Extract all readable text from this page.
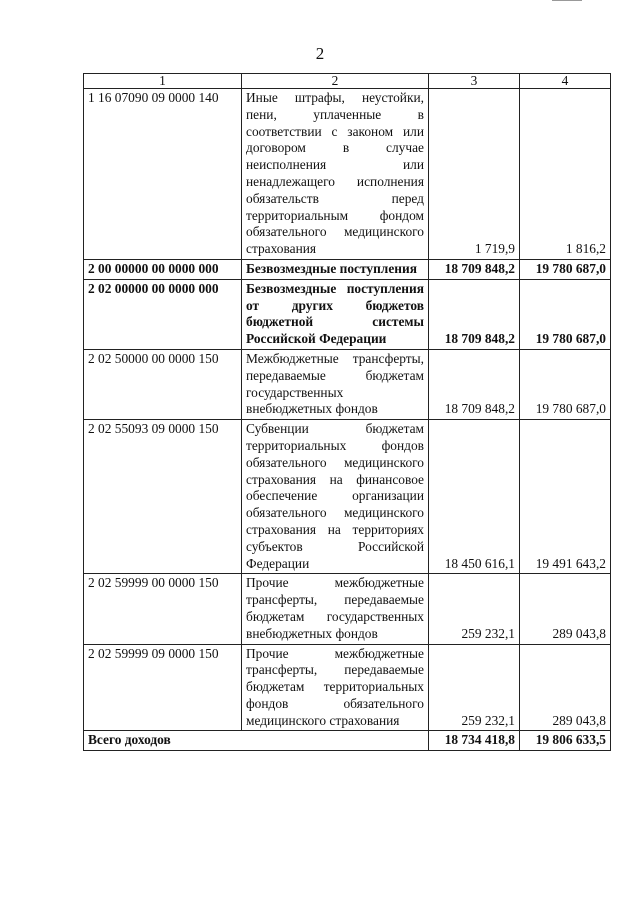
2
1	2	3	4
1 16 07090 09 0000 140	Иные штрафы, неустойки, пени, уплаченные в соответствии с законом или договором в случае неисполнения или ненадлежащего исполнения обязательств перед территориальным фондом обязательного медицинского страхования	1 719,9	1 816,2
2 00 00000 00 0000 000	Безвозмездные поступления	18 709 848,2	19 780 687,0
2 02 00000 00 0000 000	Безвозмездные поступления от других бюджетов бюджетной системы Российской Федерации	18 709 848,2	19 780 687,0
2 02 50000 00 0000 150	Межбюджетные трансферты, передаваемые бюджетам государственных внебюджетных фондов	18 709 848,2	19 780 687,0
2 02 55093 09 0000 150	Субвенции бюджетам территориальных фондов обязательного медицинского страхования на финансовое обеспечение организации обязательного медицинского страхования на территориях субъектов Российской Федерации	18 450 616,1	19 491 643,2
2 02 59999 00 0000 150	Прочие межбюджетные трансферты, передаваемые бюджетам государственных внебюджетных фондов	259 232,1	289 043,8
2 02 59999 09 0000 150	Прочие межбюджетные трансферты, передаваемые бюджетам территориальных фондов обязательного медицинского страхования	259 232,1	289 043,8
Всего доходов		18 734 418,8	19 806 633,5
